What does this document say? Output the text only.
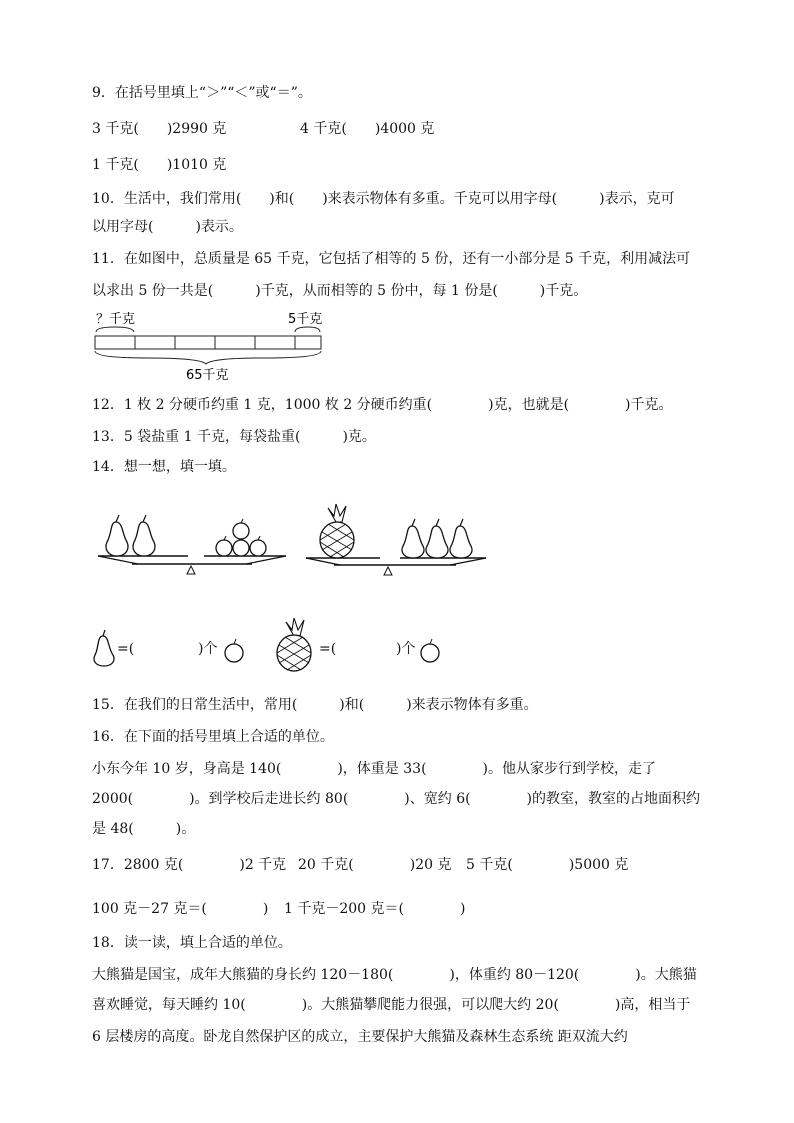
9．在括号里填上“＞”“＜”或“＝”。
3 千克(　　)2990 克	4 千克(　　)4000 克
1 千克(　　)1010 克
10．生活中，我们常用(　　)和(　　)来表示物体有多重。千克可以用字母(　　　)表示，克可
以用字母(　　　)表示。
11．在如图中，总质量是 65 千克，它包括了相等的 5 份，还有一小部分是 5 千克，利用减法可
以求出 5 份一共是(　　　)千克，从而相等的 5 份中，每 1 份是(　　　)千克。
？千克	5千克
65千克
12．1 枚 2 分硬币约重 1 克，1000 枚 2 分硬币约重(　　　　)克，也就是(　　　　)千克。
13．5 袋盐重 1 千克，每袋盐重(　　　)克。
14．想一想，填一填。
=(	)个	=(	)个
15．在我们的日常生活中，常用(　　　)和(　　　)来表示物体有多重。
16．在下面的括号里填上合适的单位。
小东今年 10 岁，身高是 140(　　　　)，体重是 33(　　　　)。他从家步行到学校，走了
2000(　　　　)。到学校后走进长约 80(　　　　)、宽约 6(　　　　)的教室，教室的占地面积约
是 48(　　　)。
17．2800 克(　　　　)2 千克 20 千克(　　　　)20 克 5 千克(　　　　)5000 克
100 克－27 克＝(　　　　) 1 千克－200 克＝(　　　　)
18．读一读，填上合适的单位。
大熊猫是国宝，成年大熊猫的身长约 120－180(　　　　)，体重约 80－120(　　　　)。大熊猫
喜欢睡觉，每天睡约 10(　　　　)。大熊猫攀爬能力很强，可以爬大约 20(　　　　)高，相当于
6 层楼房的高度。卧龙自然保护区的成立，主要保护大熊猫及森林生态系统 距双流大约
